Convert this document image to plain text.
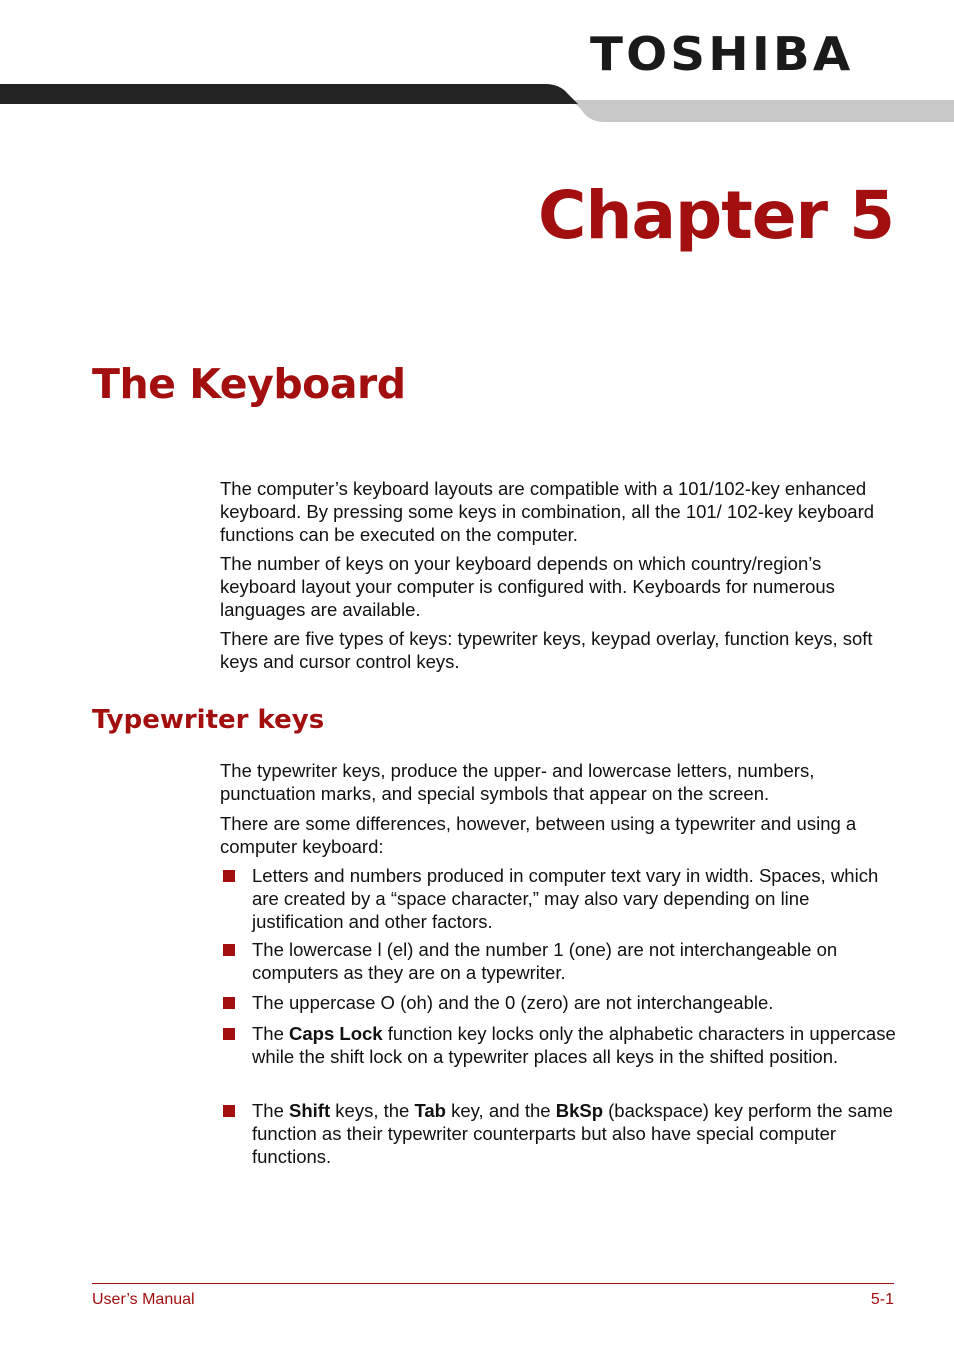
TOSHIBA
Chapter 5
The Keyboard

The computer’s keyboard layouts are compatible with a 101/102-key enhanced keyboard. By pressing some keys in combination, all the 101/ 102-key keyboard functions can be executed on the computer.

The number of keys on your keyboard depends on which country/region’s keyboard layout your computer is configured with. Keyboards for numerous languages are available.

There are five types of keys: typewriter keys, keypad overlay, function keys, soft keys and cursor control keys.

Typewriter keys

The typewriter keys, produce the upper- and lowercase letters, numbers, punctuation marks, and special symbols that appear on the screen.

There are some differences, however, between using a typewriter and using a computer keyboard:

Letters and numbers produced in computer text vary in width. Spaces, which are created by a “space character,” may also vary depending on line justification and other factors.
The lowercase l (el) and the number 1 (one) are not interchangeable on computers as they are on a typewriter.
The uppercase O (oh) and the 0 (zero) are not interchangeable.
The Caps Lock function key locks only the alphabetic characters in uppercase while the shift lock on a typewriter places all keys in the shifted position.
The Shift keys, the Tab key, and the BkSp (backspace) key perform the same function as their typewriter counterparts but also have special computer functions.
User’s Manual	5-1
